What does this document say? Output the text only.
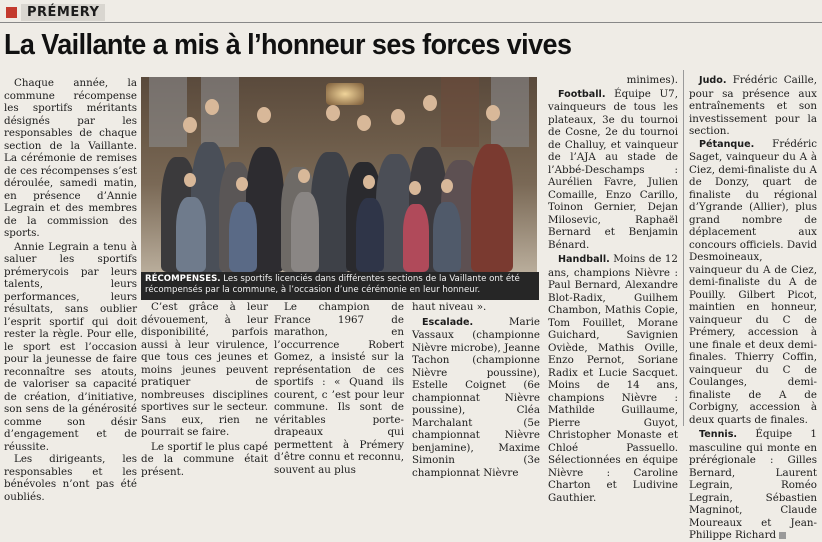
PRÉMERY
La Vaillante a mis à l’honneur ses forces vives

Chaque année, la commune récompense les sportifs méritants désignés par les responsables de chaque section de la Vaillante. La cérémonie de remises de ces récompenses s’est déroulée, samedi matin, en présence d’Annie Legrain et des membres de la commission des sports.

Annie Legrain a tenu à saluer les sportifs prémerycois par leurs talents, leurs performances, leurs résultats, sans oublier l’esprit sportif qui doit rester la règle. Pour elle, le sport est l’occasion pour la jeunesse de faire reconnaître ses atouts, de valoriser sa capacité de création, d’initiative, son sens de la générosité comme son désir d’engagement et de réussite.

Les dirigeants, les responsables et les bénévoles n’ont pas été oubliés.

RÉCOMPENSES. Les sportifs licenciés dans différentes sections de la Vaillante ont été récompensés par la commune, à l’occasion d’une cérémonie en leur honneur.

C’est grâce à leur dévouement, à leur disponibilité, parfois aussi à leur virulence, que tous ces jeunes et moins jeunes peuvent pratiquer de nombreuses disciplines sportives sur le secteur. Sans eux, rien ne pourrait se faire.

Le sportif le plus capé de la commune était présent.

Le champion de France 1967 de marathon, en l’occurrence Robert Gomez, a insisté sur la représentation de ces sportifs : « Quand ils courent, c ’est pour leur commune. Ils sont de véritables porte-drapeaux qui permettent à Prémery d’être connu et reconnu, souvent au plus

haut niveau ».

Escalade.	Marie Vassaux (championne Nièvre microbe), Jeanne Tachon (championne Nièvre poussine), Estelle Coignet (6e championnat Nièvre poussine), Cléa Marchalant (5e championnat Nièvre benjamine), Maxime Simonin (3e championnat Nièvre

minimes).

Football. Équipe U7, vainqueurs de tous les plateaux, 3e du tournoi de Cosne, 2e du tournoi de Challuy, et vainqueur de l’AJA au stade de l’Abbé-Deschamps : Aurélien Favre, Julien Comaille, Enzo Carillo, Toinon Gernier, Dejan Milosevic, Raphaël Bernard et Benjamin Bénard.

Handball. Moins de 12 ans, champions Nièvre : Paul Bernard, Alexandre Blot-Radix, Guilhem Chambon, Mathis Copie, Tom Fouillet, Morane Guichard, Savignien Oviède, Mathis Oville, Enzo Pernot, Soriane Radix et Lucie Sacquet. Moins de 14 ans, champions Nièvre : Mathilde Guillaume, Pierre Guyot, Christopher Monaste et Chloé Passuello. Sélectionnées en équipe Nièvre : Caroline Charton et Ludivine Gauthier.

Judo. Frédéric Caille, pour sa présence aux entraînements et son investissement pour la section.

Pétanque. Frédéric Saget, vainqueur du A à Ciez, demi-finaliste du A de Donzy, quart de finaliste du régional d’Ygrande (Allier), plus grand nombre de déplacement aux concours officiels. David Desmoineaux, vainqueur du A de Ciez, demi-finaliste du A de Pouilly. Gilbert Picot, maintien en honneur, vainqueur du C de Prémery, accession à une finale et deux demi-finales. Thierry Coffin, vainqueur du C de Coulanges, demi-finaliste de A de Corbigny, accession à deux quarts de finales.

Tennis. Équipe 1 masculine qui monte en prérégionale : Gilles Bernard, Laurent Legrain, Roméo Legrain, Sébastien Magninot, Claude Moureaux et Jean-Philippe Richard
